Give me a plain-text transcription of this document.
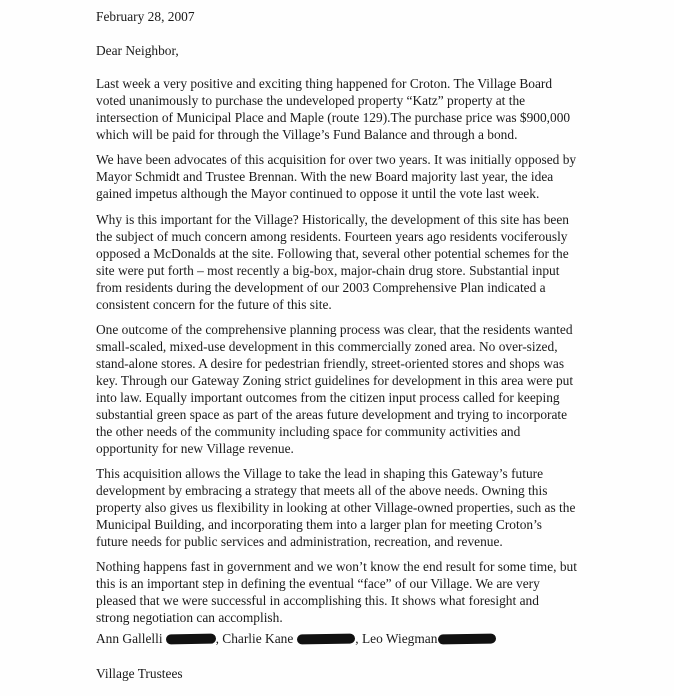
February 28, 2007
Dear Neighbor,
Last week a very positive and exciting thing happened for Croton. The Village Board
voted unanimously to purchase the undeveloped property “Katz” property at the
intersection of Municipal Place and Maple (route 129).The purchase price was $900,000
which will be paid for through the Village’s Fund Balance and through a bond.
We have been advocates of this acquisition for over two years. It was initially opposed by
Mayor Schmidt and Trustee Brennan. With the new Board majority last year, the idea
gained impetus although the Mayor continued to oppose it until the vote last week.
Why is this important for the Village? Historically, the development of this site has been
the subject of much concern among residents. Fourteen years ago residents vociferously
opposed a McDonalds at the site. Following that, several other potential schemes for the
site were put forth – most recently a big-box, major-chain drug store. Substantial input
from residents during the development of our 2003 Comprehensive Plan indicated a
consistent concern for the future of this site.
One outcome of the comprehensive planning process was clear, that the residents wanted
small-scaled, mixed-use development in this commercially zoned area. No over-sized,
stand-alone stores. A desire for pedestrian friendly, street-oriented stores and shops was
key. Through our Gateway Zoning strict guidelines for development in this area were put
into law. Equally important outcomes from the citizen input process called for keeping
substantial green space as part of the areas future development and trying to incorporate
the other needs of the community including space for community activities and
opportunity for new Village revenue.
This acquisition allows the Village to take the lead in shaping this Gateway’s future
development by embracing a strategy that meets all of the above needs. Owning this
property also gives us flexibility in looking at other Village-owned properties, such as the
Municipal Building, and incorporating them into a larger plan for meeting Croton’s
future needs for public services and administration, recreation, and revenue.
Nothing happens fast in government and we won’t know the end result for some time, but
this is an important step in defining the eventual “face” of our Village. We are very
pleased that we were successful in accomplishing this. It shows what foresight and
strong negotiation can accomplish.
Ann Gallelli	, Charlie Kane	, Leo Wiegman
Village Trustees
